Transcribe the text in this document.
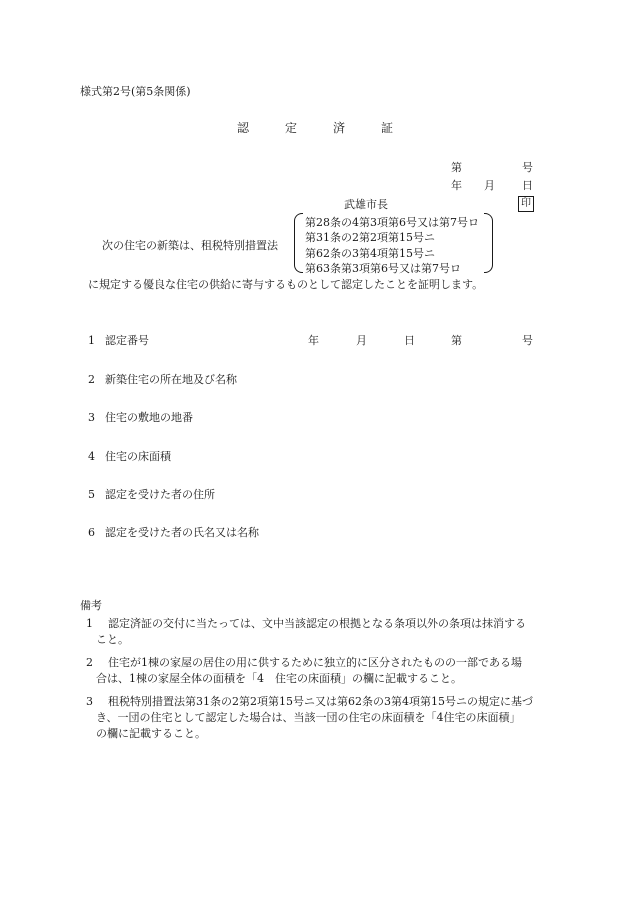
様式第2号(第5条関係)
認	定	済	証
第	号
年 月 日
武雄市長	印
次の住宅の新築は、租税特別措置法
第28条の4第3項第6号又は第7号ロ
第31条の2第2項第15号ニ
第62条の3第4項第15号ニ
第63条第3項第6号又は第7号ロ
に規定する優良な住宅の供給に寄与するものとして認定したことを証明します。
1 認定番号	年	月	日	第	号
2 新築住宅の所在地及び名称
3 住宅の敷地の地番
4 住宅の床面積
5 認定を受けた者の住所
6 認定を受けた者の氏名又は名称
備考
1 認定済証の交付に当たっては、文中当該認定の根拠となる条項以外の条項は抹消する
こと。
2 住宅が1棟の家屋の居住の用に供するために独立的に区分されたものの一部である場
合は、1棟の家屋全体の面積を「4　住宅の床面積」の欄に記載すること。
3 租税特別措置法第31条の2第2項第15号ニ又は第62条の3第4項第15号ニの規定に基づ
き、一団の住宅として認定した場合は、当該一団の住宅の床面積を「4住宅の床面積」
の欄に記載すること。
